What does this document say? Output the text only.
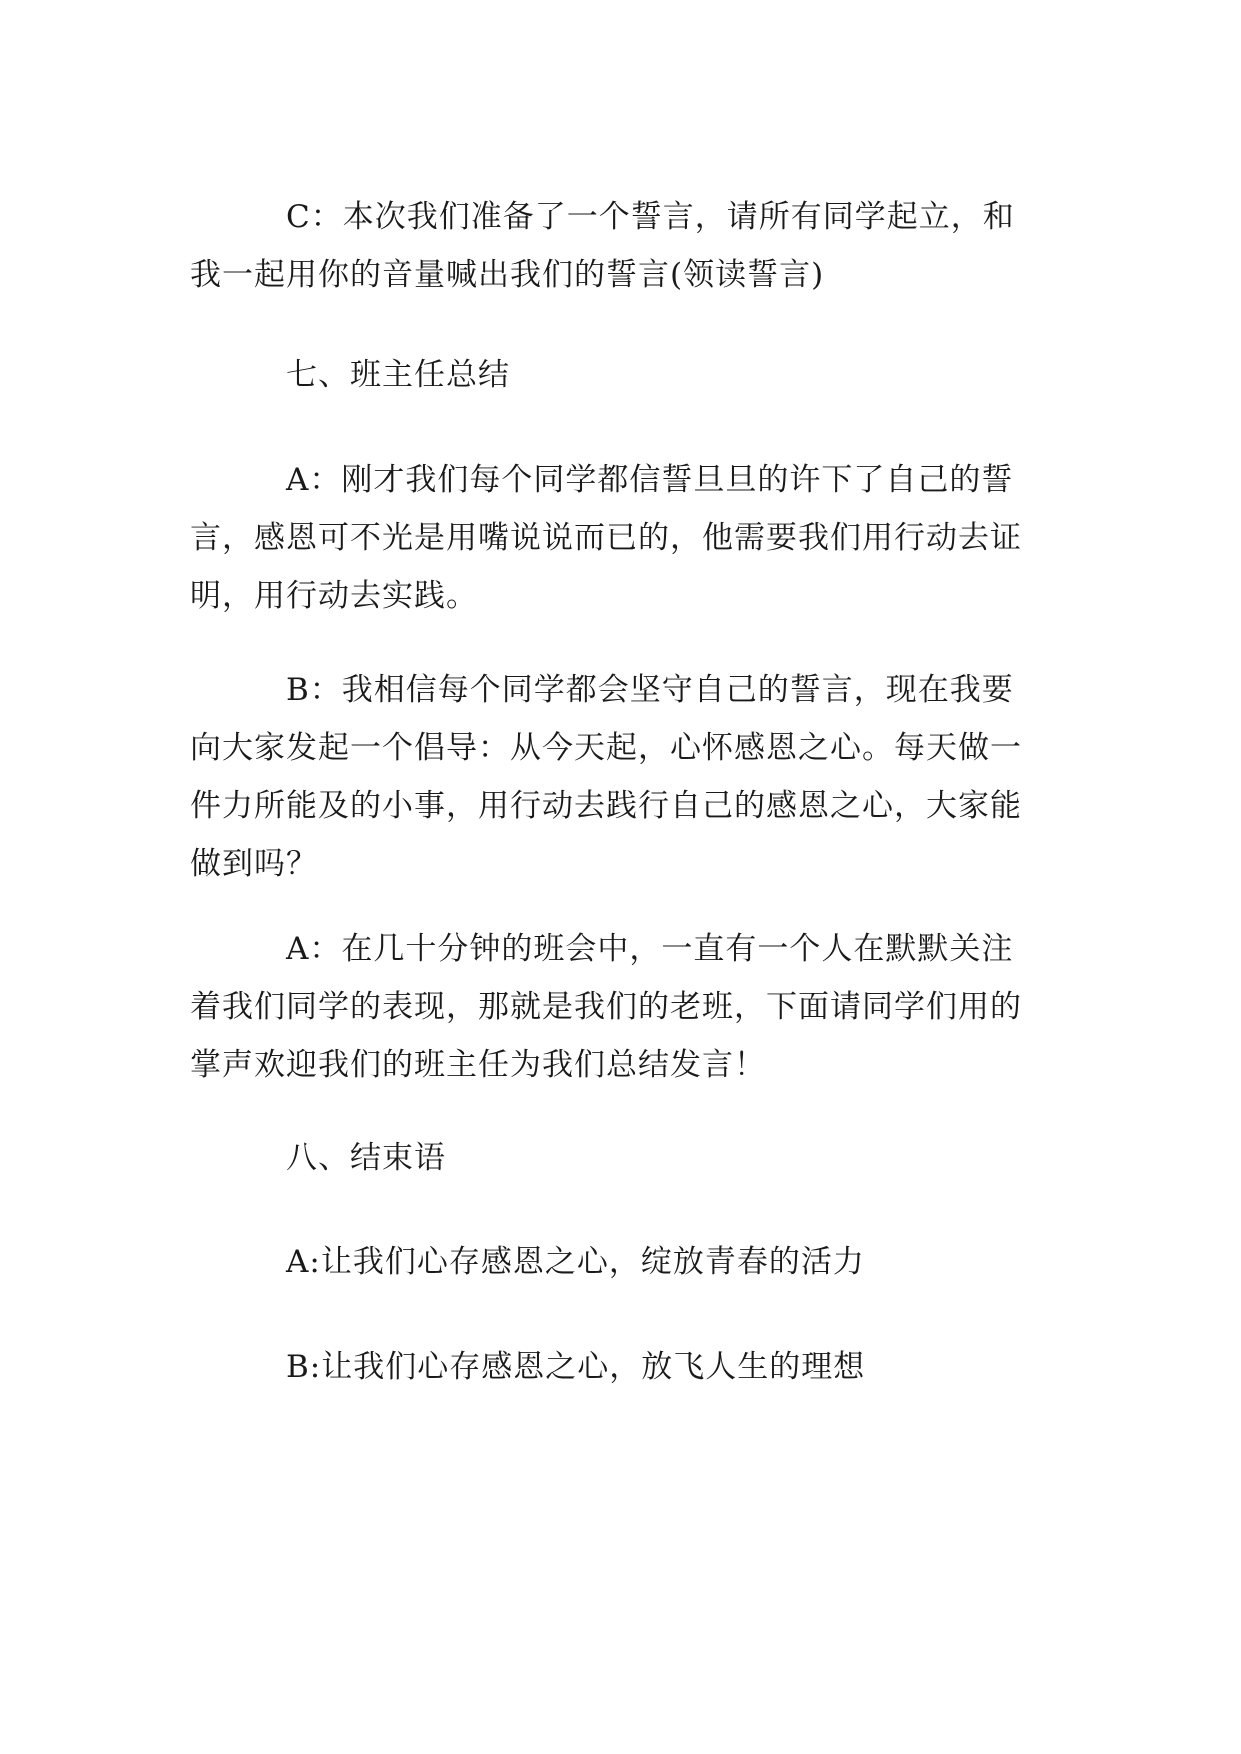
C：本次我们准备了一个誓言，请所有同学起立，和
我一起用你的音量喊出我们的誓言(领读誓言)

七、班主任总结

A：刚才我们每个同学都信誓旦旦的许下了自己的誓
言，感恩可不光是用嘴说说而已的，他需要我们用行动去证
明，用行动去实践。

B：我相信每个同学都会坚守自己的誓言，现在我要
向大家发起一个倡导：从今天起，心怀感恩之心。每天做一
件力所能及的小事，用行动去践行自己的感恩之心，大家能
做到吗？

A：在几十分钟的班会中，一直有一个人在默默关注
着我们同学的表现，那就是我们的老班，下面请同学们用的
掌声欢迎我们的班主任为我们总结发言！

八、结束语

A:让我们心存感恩之心，绽放青春的活力

B:让我们心存感恩之心，放飞人生的理想
